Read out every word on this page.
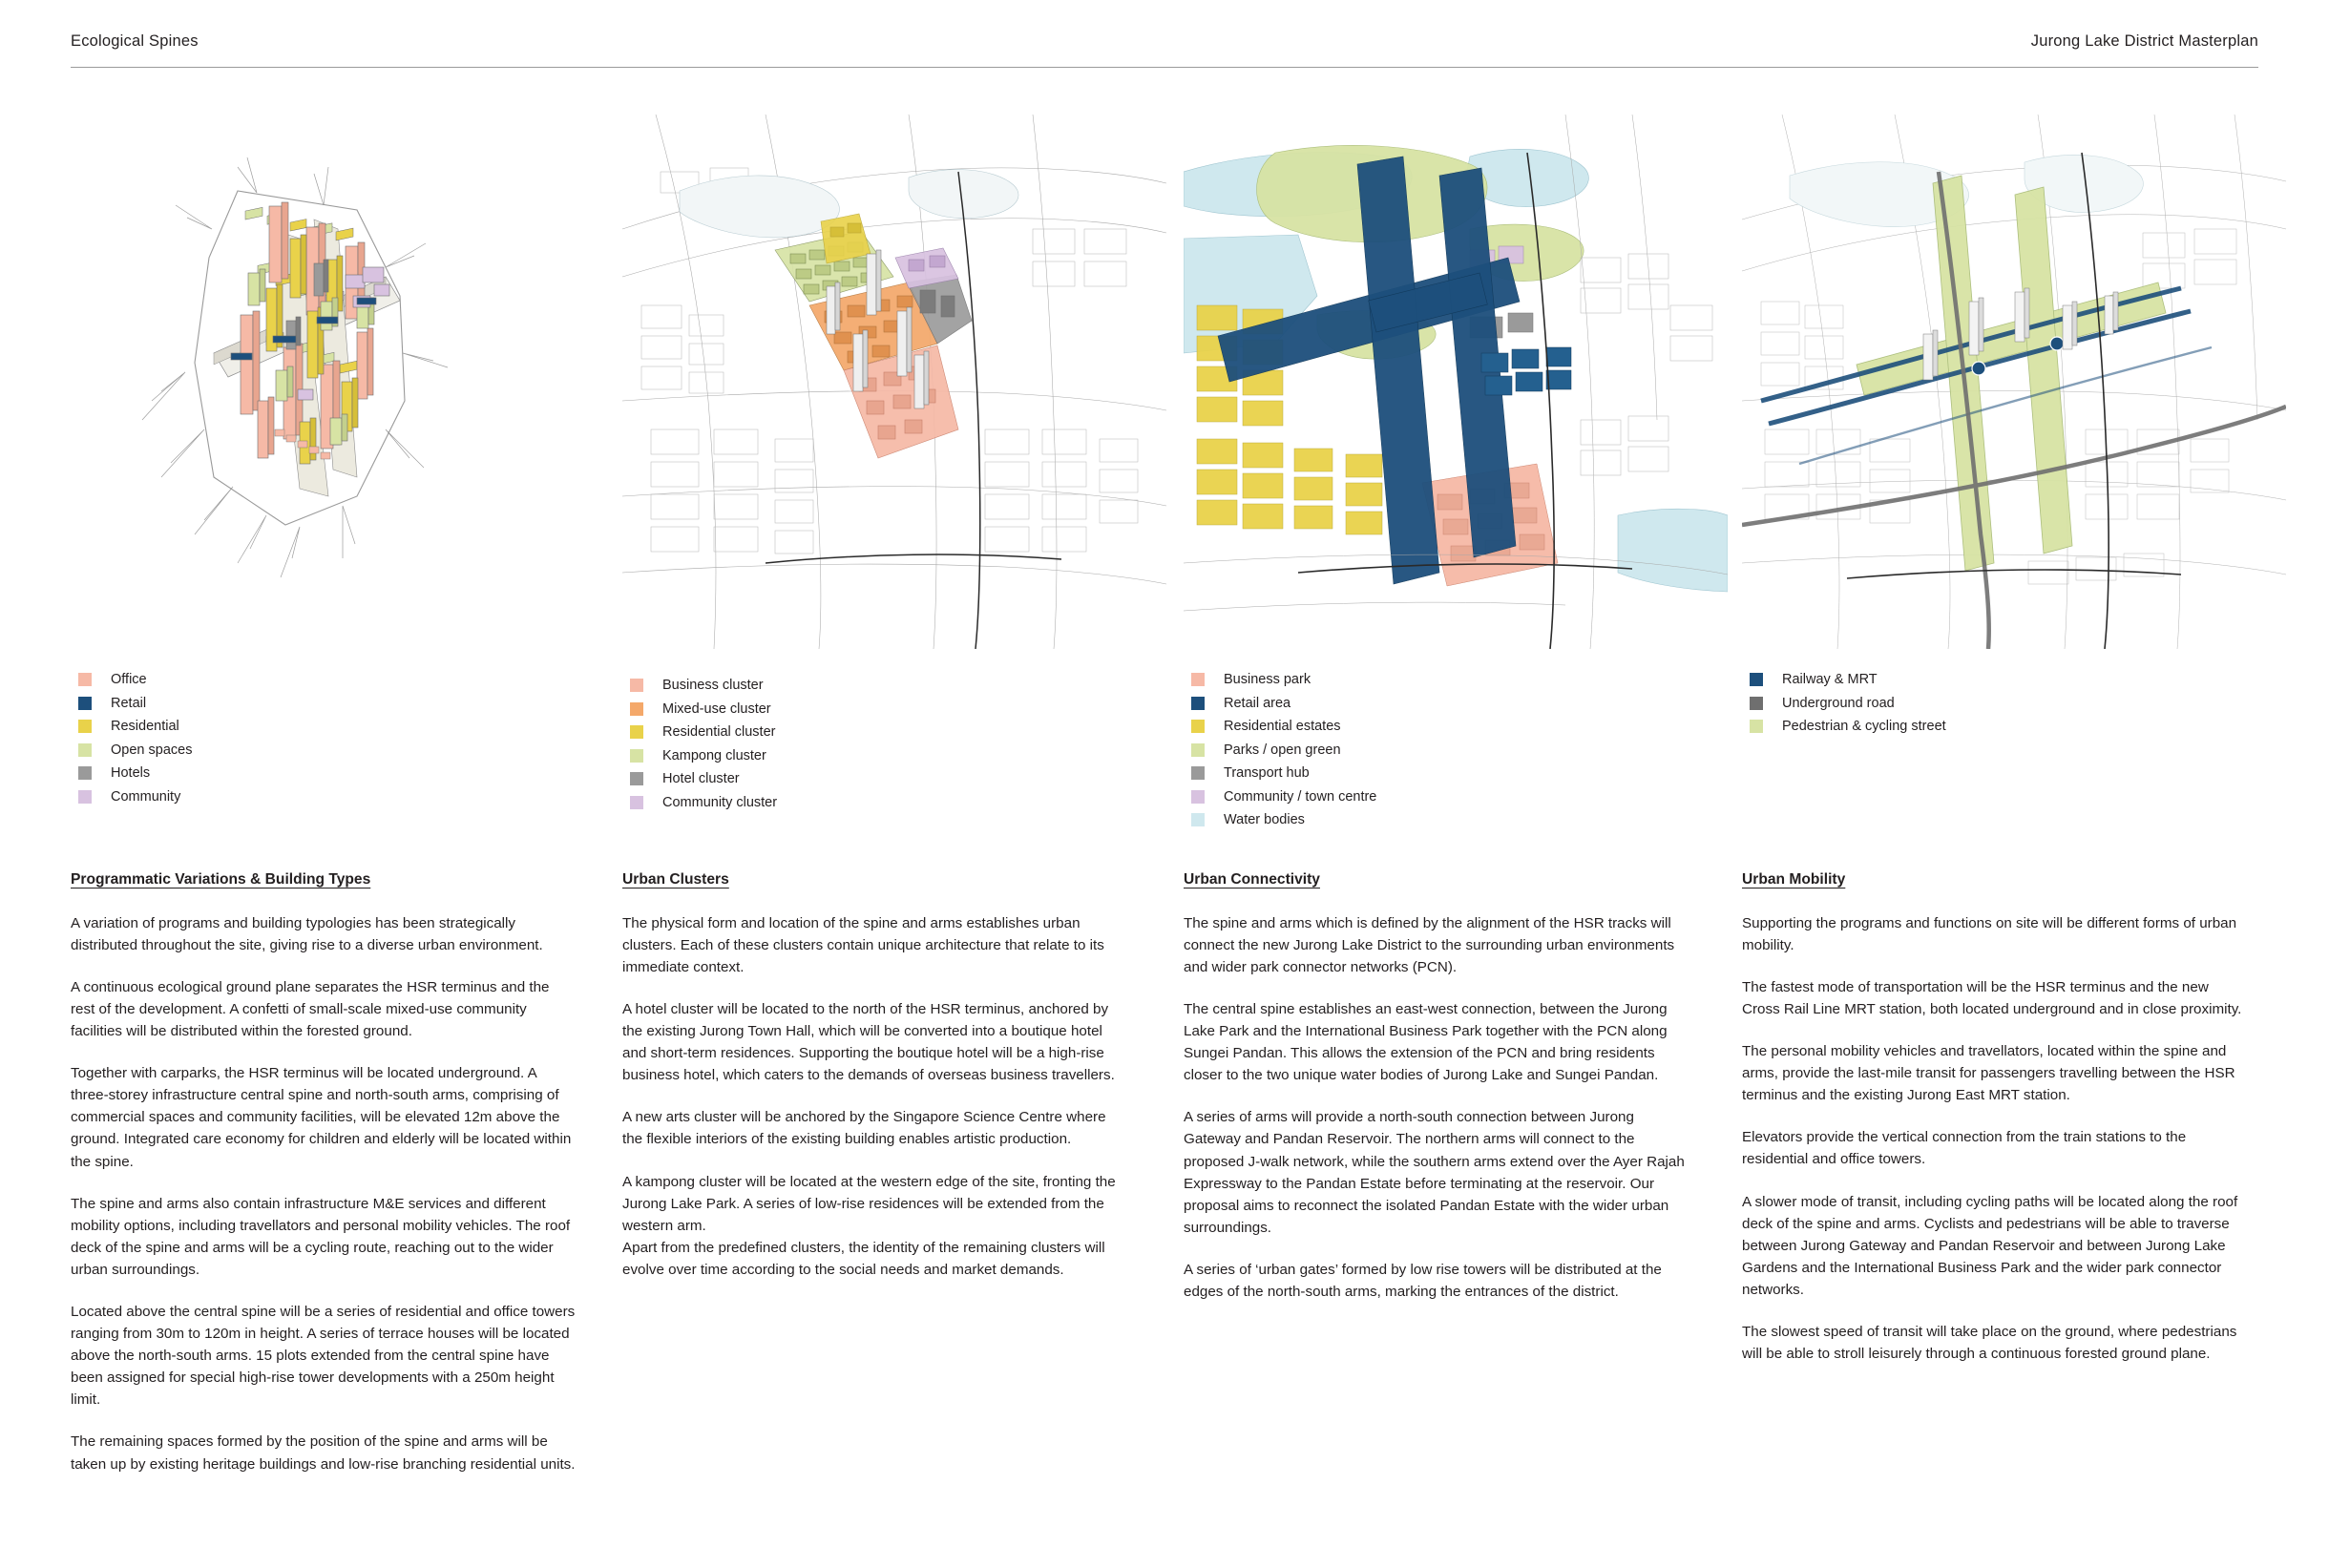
Ecological Spines	Jurong Lake District Masterplan
Office
Retail
Residential
Open spaces
Hotels
Community
Programmatic Variations & Building Types

A variation of programs and building typologies has been strategically distributed throughout the site, giving rise to a diverse urban environment.

A continuous ecological ground plane separates the HSR terminus and the rest of the development. A confetti of small-scale mixed-use community facilities will be distributed within the forested ground.

Together with carparks, the HSR terminus will be located underground. A three-storey infrastructure central spine and north-south arms, comprising of commercial spaces and community facilities, will be elevated 12m above the ground. Integrated care economy for children and elderly will be located within the spine.

The spine and arms also contain infrastructure M&E services and different mobility options, including travellators and personal mobility vehicles. The roof deck of the spine and arms will be a cycling route, reaching out to the wider urban surroundings.

Located above the central spine will be a series of residential and office towers ranging from 30m to 120m in height. A series of terrace houses will be located above the north-south arms. 15 plots extended from the central spine have been assigned for special high-rise tower developments with a 250m height limit.

The remaining spaces formed by the position of the spine and arms will be taken up by existing heritage buildings and low-rise branching residential units.

Business cluster
Mixed-use cluster
Residential cluster
Kampong cluster
Hotel cluster
Community cluster
Urban Clusters

The physical form and location of the spine and arms establishes urban clusters. Each of these clusters contain unique architecture that relate to its immediate context.

A hotel cluster will be located to the north of the HSR terminus, anchored by the existing Jurong Town Hall, which will be converted into a boutique hotel and short-term residences. Supporting the boutique hotel will be a high-rise business hotel, which caters to the demands of overseas business travellers.

A new arts cluster will be anchored by the Singapore Science Centre where the flexible interiors of the existing building enables artistic production.

A kampong cluster will be located at the western edge of the site, fronting the Jurong Lake Park. A series of low-rise residences will be extended from the western arm.

Apart from the predefined clusters, the identity of the remaining clusters will evolve over time according to the social needs and market demands.

Business park
Retail area
Residential estates
Parks / open green
Transport hub
Community / town centre
Water bodies
Urban Connectivity

The spine and arms which is defined by the alignment of the HSR tracks will connect the new Jurong Lake District to the surrounding urban environments and wider park connector networks (PCN).

The central spine establishes an east-west connection, between the Jurong Lake Park and the International Business Park together with the PCN along Sungei Pandan. This allows the extension of the PCN and bring residents closer to the two unique water bodies of Jurong Lake and Sungei Pandan.

A series of arms will provide a north-south connection between Jurong Gateway and Pandan Reservoir. The northern arms will connect to the proposed J-walk network, while the southern arms extend over the Ayer Rajah Expressway to the Pandan Estate before terminating at the reservoir. Our proposal aims to reconnect the isolated Pandan Estate with the wider urban surroundings.

A series of ‘urban gates’ formed by low rise towers will be distributed at the edges of the north-south arms, marking the entrances of the district.

Railway & MRT
Underground road
Pedestrian & cycling street
Urban Mobility

Supporting the programs and functions on site will be different forms of urban mobility.

The fastest mode of transportation will be the HSR terminus and the new Cross Rail Line MRT station, both located underground and in close proximity.

The personal mobility vehicles and travellators, located within the spine and arms, provide the last-mile transit for passengers travelling between the HSR terminus and the existing Jurong East MRT station.

Elevators provide the vertical connection from the train stations to the residential and office towers.

A slower mode of transit, including cycling paths will be located along the roof deck of the spine and arms. Cyclists and pedestrians will be able to traverse between Jurong Gateway and Pandan Reservoir and between Jurong Lake Gardens and the International Business Park and the wider park connector networks.

The slowest speed of transit will take place on the ground, where pedestrians will be able to stroll leisurely through a continuous forested ground plane.
